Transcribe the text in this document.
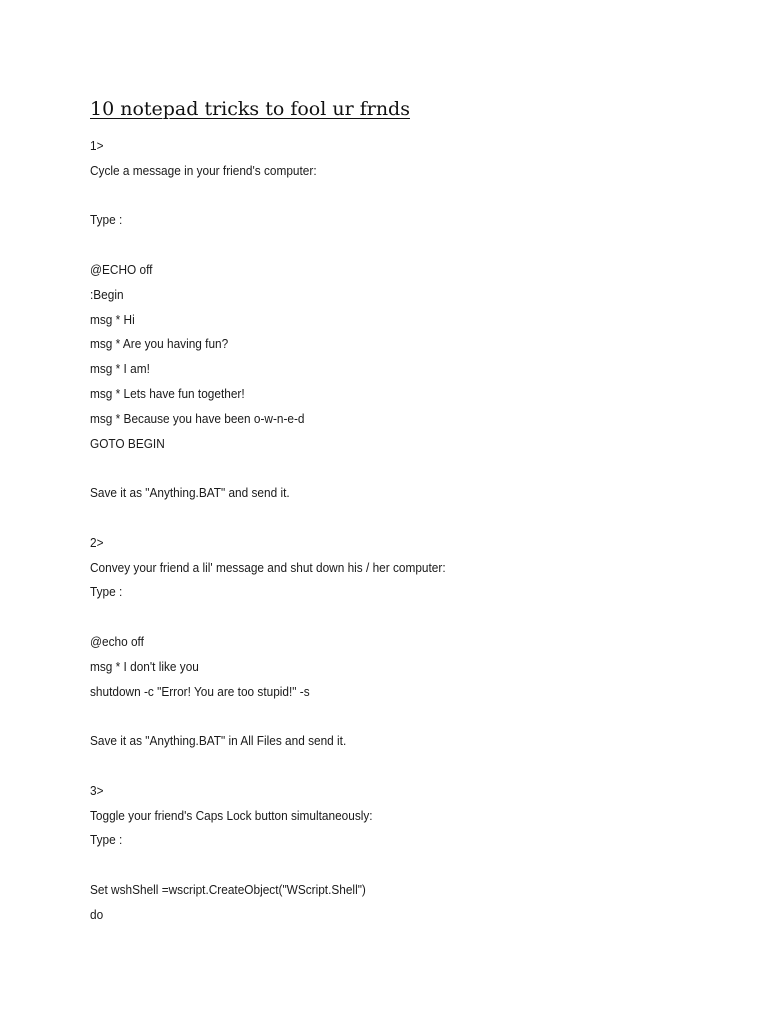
10 notepad tricks to fool ur frnds
1>
Cycle a message in your friend's computer:
Type :
@ECHO off
:Begin
msg * Hi
msg * Are you having fun?
msg * I am!
msg * Lets have fun together!
msg * Because you have been o-w-n-e-d
GOTO BEGIN
Save it as "Anything.BAT" and send it.
2>
Convey your friend a lil' message and shut down his / her computer:
Type :
@echo off
msg * I don't like you
shutdown -c "Error! You are too stupid!" -s
Save it as "Anything.BAT" in All Files and send it.
3>
Toggle your friend's Caps Lock button simultaneously:
Type :
Set wshShell =wscript.CreateObject("WScript.Shell")
do
